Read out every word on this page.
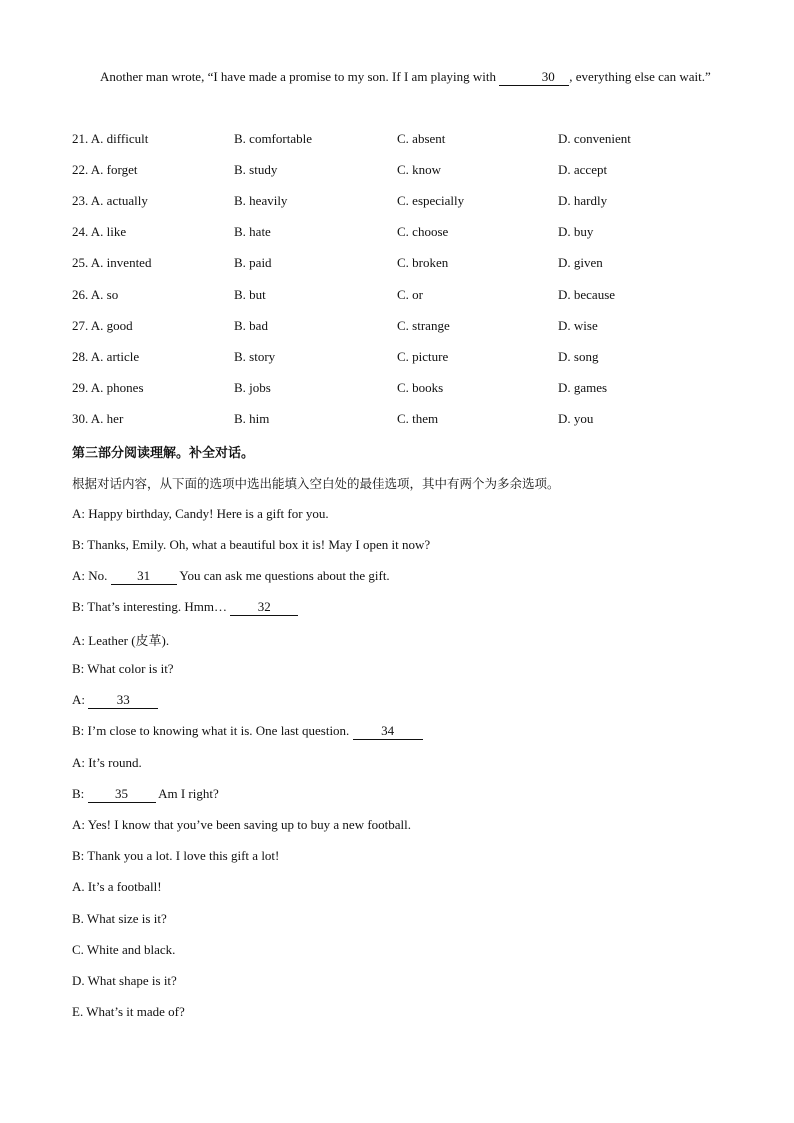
Another man wrote, “I have made a promise to my son. If I am playing with	30 , everything else can wait.”
21. A. difficult	B. comfortable	C. absent	D. convenient
22. A. forget	B. study	C. know	D. accept
23. A. actually	B. heavily	C. especially	D. hardly
24. A. like	B. hate	C. choose	D. buy
25. A. invented	B. paid	C. broken	D. given
26. A. so	B. but	C. or	D. because
27. A. good	B. bad	C. strange	D. wise
28. A. article	B. story	C. picture	D. song
29. A. phones	B. jobs	C. books	D. games
30. A. her	B. him	C. them	D. you
第三部分阅读理解。补全对话。
根据对话内容，从下面的选项中选出能填入空白处的最佳选项，其中有两个为多余选项。
A: Happy birthday, Candy! Here is a gift for you.
B: Thanks, Emily. Oh, what a beautiful box it is! May I open it now?
A: No. 31 You can ask me questions about the gift.
B: That’s interesting. Hmm… 32
A: Leather (皮革).
B: What color is it?
A: 33
B: I’m close to knowing what it is. One last question. 34
A: It’s round.
B: 35 Am I right?
A: Yes! I know that you’ve been saving up to buy a new football.
B: Thank you a lot. I love this gift a lot!
A. It’s a football!
B. What size is it?
C. White and black.
D. What shape is it?
E. What’s it made of?
